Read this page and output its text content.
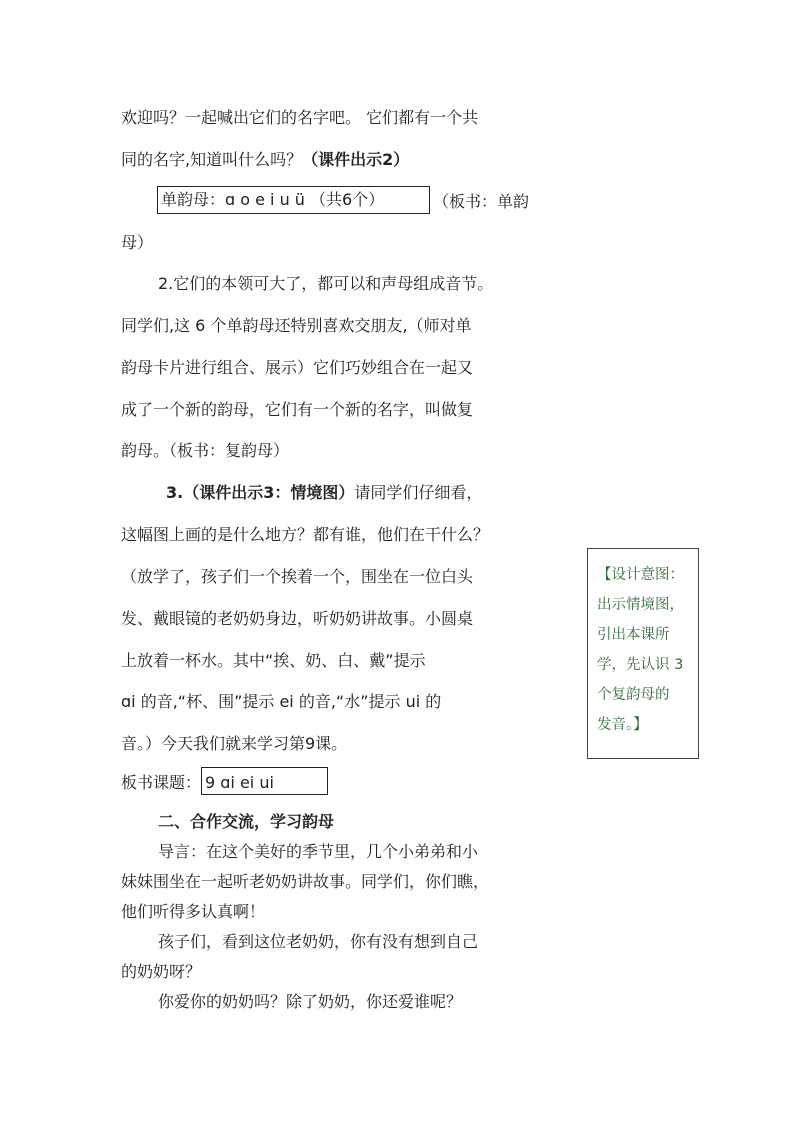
欢迎吗？一起喊出它们的名字吧。 它们都有一个共
同的名字,知道叫什么吗？（课件出示2）
单韵母：ɑ o e i u ü （共6个）	（板书：单韵
母）
2.它们的本领可大了，都可以和声母组成音节。
同学们,这 6 个单韵母还特别喜欢交朋友,（师对单
韵母卡片进行组合、展示）它们巧妙组合在一起又
成了一个新的韵母，它们有一个新的名字，叫做复
韵母。（板书：复韵母）
3.（课件出示3：情境图）请同学们仔细看，
这幅图上画的是什么地方？都有谁，他们在干什么？
（放学了，孩子们一个挨着一个，围坐在一位白头
发、戴眼镜的老奶奶身边，听奶奶讲故事。小圆桌
上放着一杯水。其中“挨、奶、白、戴”提示
ɑi 的音,“杯、围”提示 ei 的音,“水”提示 ui 的
音。）今天我们就来学习第9课。
板书课题： 9 ɑi ei ui
二、合作交流，学习韵母
导言：在这个美好的季节里，几个小弟弟和小
妹妹围坐在一起听老奶奶讲故事。同学们，你们瞧，
他们听得多认真啊！
孩子们，看到这位老奶奶，你有没有想到自己
的奶奶呀？
你爱你的奶奶吗？除了奶奶，你还爱谁呢？
【设计意图：
出示情境图，
引出本课所
学，先认识 3
个复韵母的
发音。】
